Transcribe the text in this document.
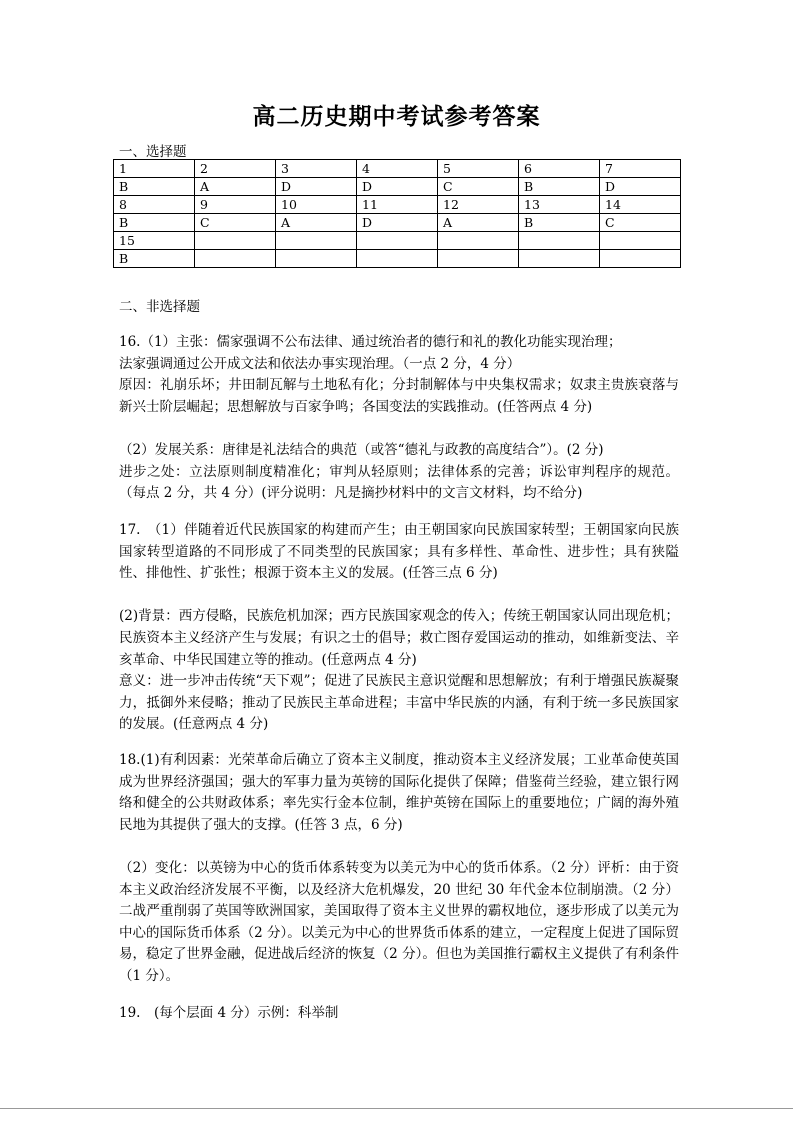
高二历史期中考试参考答案
一、选择题
1	2	3	4	5	6	7
B	A	D	D	C	B	D
8	9	10	11	12	13	14
B	C	A	D	A	B	C
15						
B						
二、非选择题

16.（1）主张：儒家强调不公布法律、通过统治者的德行和礼的教化功能实现治理；

法家强调通过公开成文法和依法办事实现治理。（一点 2 分，4 分）

原因：礼崩乐坏；井田制瓦解与土地私有化；分封制解体与中央集权需求；奴隶主贵族衰落与新兴士阶层崛起；思想解放与百家争鸣；各国变法的实践推动。(任答两点 4 分)

（2）发展关系：唐律是礼法结合的典范（或答“德礼与政教的高度结合”）。(2 分)

进步之处：立法原则制度精准化；审判从轻原则；法律体系的完善；诉讼审判程序的规范。（每点 2 分，共 4 分）(评分说明：凡是摘抄材料中的文言文材料，均不给分)

17.　（1）伴随着近代民族国家的构建而产生；由王朝国家向民族国家转型；王朝国家向民族国家转型道路的不同形成了不同类型的民族国家；具有多样性、革命性、进步性；具有狭隘性、排他性、扩张性；根源于资本主义的发展。(任答三点 6 分)

(2)背景：西方侵略，民族危机加深；西方民族国家观念的传入；传统王朝国家认同出现危机；民族资本主义经济产生与发展；有识之士的倡导；救亡图存爱国运动的推动，如维新变法、辛亥革命、中华民国建立等的推动。(任意两点 4 分)

意义：进一步冲击传统“天下观”；促进了民族民主意识觉醒和思想解放；有利于增强民族凝聚力，抵御外来侵略；推动了民族民主革命进程；丰富中华民族的内涵，有利于统一多民族国家的发展。(任意两点 4 分)

18.(1)有利因素：光荣革命后确立了资本主义制度，推动资本主义经济发展；工业革命使英国成为世界经济强国；强大的军事力量为英镑的国际化提供了保障；借鉴荷兰经验，建立银行网络和健全的公共财政体系；率先实行金本位制，维护英镑在国际上的重要地位；广阔的海外殖民地为其提供了强大的支撑。(任答 3 点，6 分)

（2）变化：以英镑为中心的货币体系转变为以美元为中心的货币体系。（2 分）评析：由于资本主义政治经济发展不平衡，以及经济大危机爆发，20 世纪 30 年代金本位制崩溃。（2 分）二战严重削弱了英国等欧洲国家，美国取得了资本主义世界的霸权地位，逐步形成了以美元为中心的国际货币体系（2 分）。以美元为中心的世界货币体系的建立，一定程度上促进了国际贸易，稳定了世界金融，促进战后经济的恢复（2 分）。但也为美国推行霸权主义提供了有利条件（1 分）。

19.　(每个层面 4 分）示例：科举制
